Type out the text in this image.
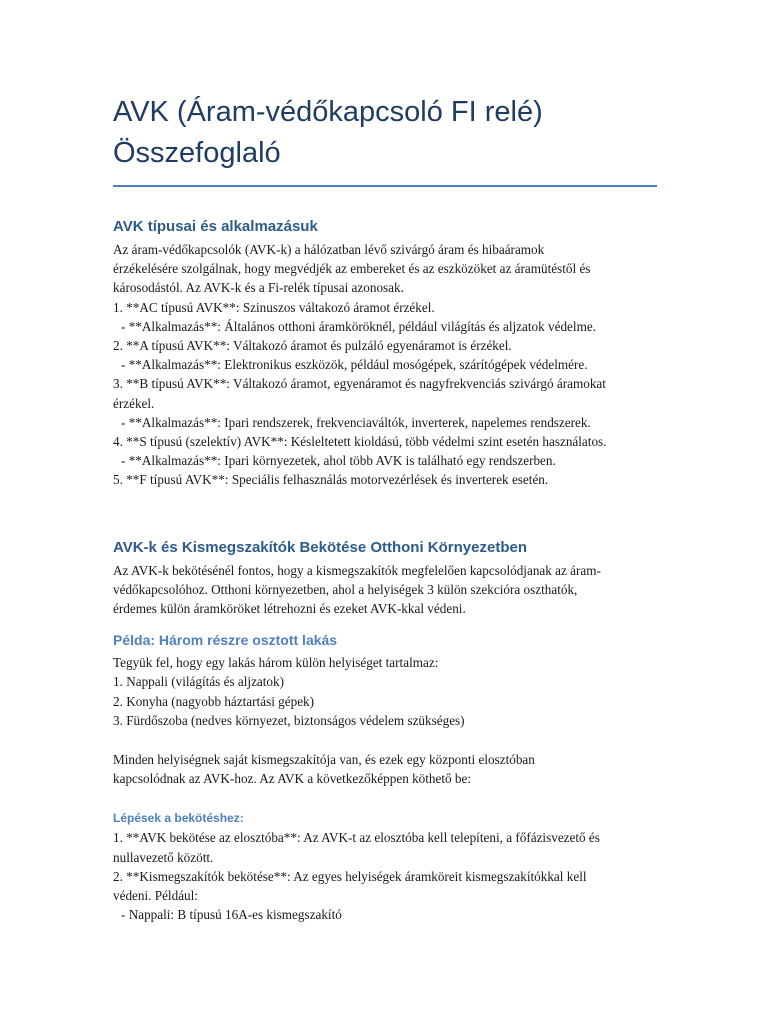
AVK (Áram-védőkapcsoló FI relé)
Összefoglaló
AVK típusai és alkalmazásuk

Az áram-védőkapcsolók (AVK-k) a hálózatban lévő szivárgó áram és hibaáramok

érzékelésére szolgálnak, hogy megvédjék az embereket és az eszközöket az áramütéstől és

károsodástól. Az AVK-k és a Fi-relék típusai azonosak.

1. **AC típusú AVK**: Szinuszos váltakozó áramot érzékel.

- **Alkalmazás**: Általános otthoni áramköröknél, például világítás és aljzatok védelme.

2. **A típusú AVK**: Váltakozó áramot és pulzáló egyenáramot is érzékel.

- **Alkalmazás**: Elektronikus eszközök, például mosógépek, szárítógépek védelmére.

3. **B típusú AVK**: Váltakozó áramot, egyenáramot és nagyfrekvenciás szivárgó áramokat

érzékel.

- **Alkalmazás**: Ipari rendszerek, frekvenciaváltók, inverterek, napelemes rendszerek.

4. **S típusú (szelektív) AVK**: Késleltetett kioldású, több védelmi szint esetén használatos.

- **Alkalmazás**: Ipari környezetek, ahol több AVK is található egy rendszerben.

5. **F típusú AVK**: Speciális felhasználás motorvezérlések és inverterek esetén.

AVK-k és Kismegszakítók Bekötése Otthoni Környezetben

Az AVK-k bekötésénél fontos, hogy a kismegszakítók megfelelően kapcsolódjanak az áram-

védőkapcsolóhoz. Otthoni környezetben, ahol a helyiségek 3 külön szekcióra oszthatók,

érdemes külön áramköröket létrehozni és ezeket AVK-kkal védeni.

Példa: Három részre osztott lakás

Tegyük fel, hogy egy lakás három külön helyiséget tartalmaz:

1. Nappali (világítás és aljzatok)

2. Konyha (nagyobb háztartási gépek)

3. Fürdőszoba (nedves környezet, biztonságos védelem szükséges)

Minden helyiségnek saját kismegszakítója van, és ezek egy központi elosztóban

kapcsolódnak az AVK-hoz. Az AVK a következőképpen köthető be:

Lépések a bekötéshez:

1. **AVK bekötése az elosztóba**: Az AVK-t az elosztóba kell telepíteni, a főfázisvezető és

nullavezető között.

2. **Kismegszakítók bekötése**: Az egyes helyiségek áramköreit kismegszakítókkal kell

védeni. Például:

- Nappali: B típusú 16A-es kismegszakító
